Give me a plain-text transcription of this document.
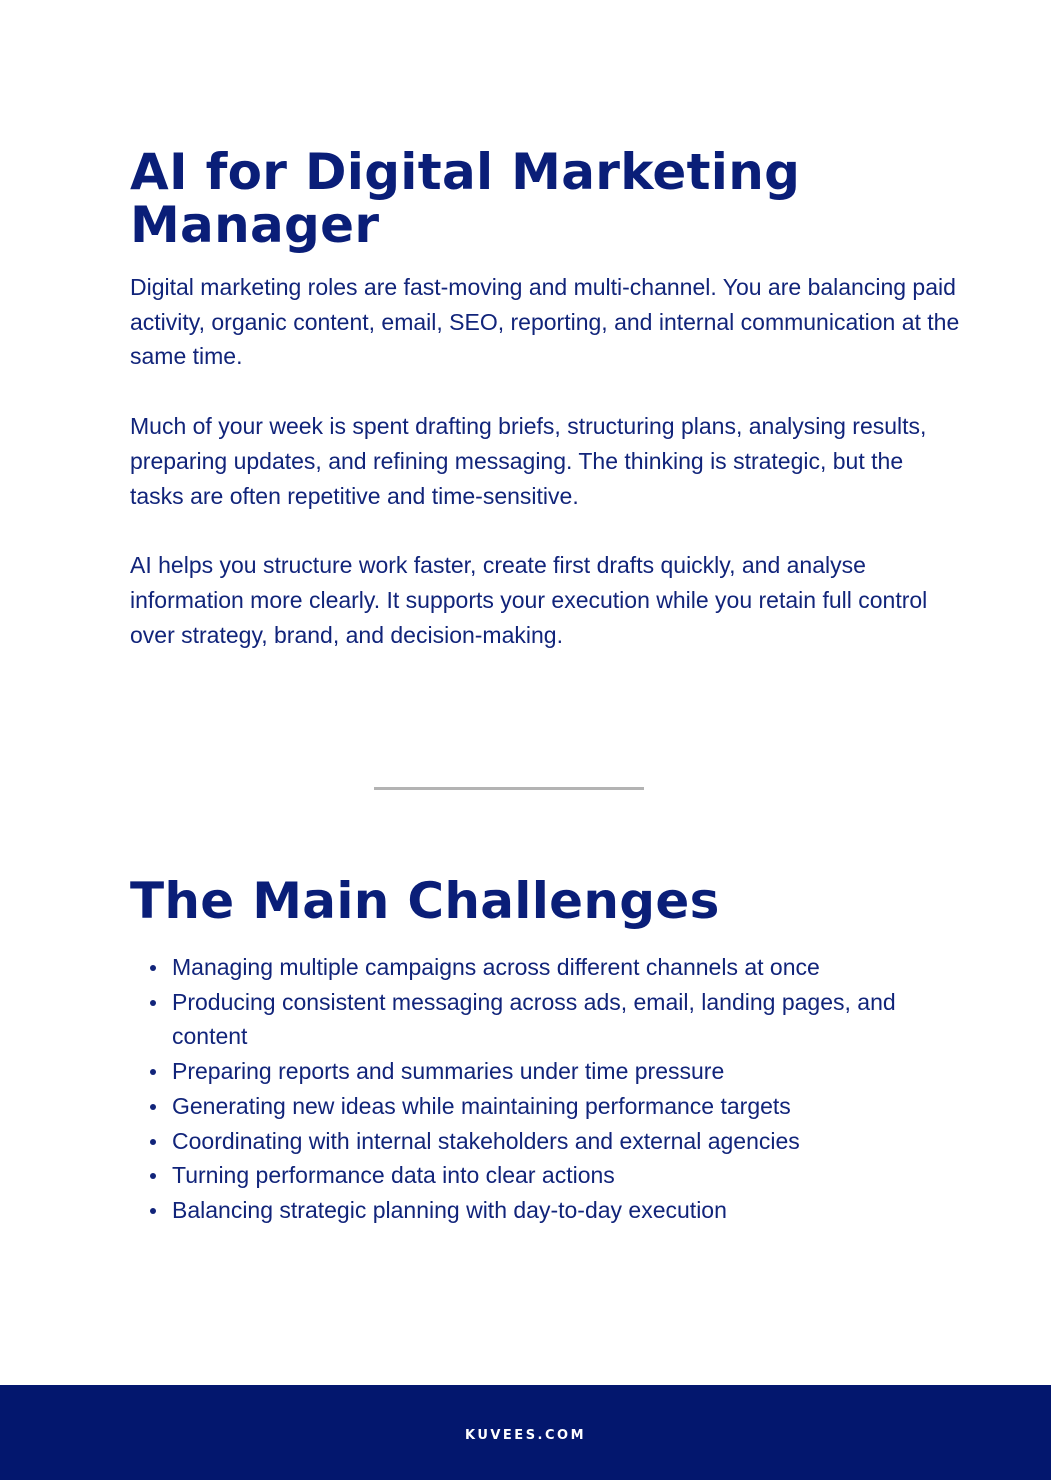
AI for Digital Marketing Manager

Digital marketing roles are fast-moving and multi-channel. You are balancing paid activity, organic content, email, SEO, reporting, and internal communication at the same time.

Much of your week is spent drafting briefs, structuring plans, analysing results, preparing updates, and refining messaging. The thinking is strategic, but the tasks are often repetitive and time-sensitive.

AI helps you structure work faster, create first drafts quickly, and analyse information more clearly. It supports your execution while you retain full control over strategy, brand, and decision-making.

The Main Challenges
Managing multiple campaigns across different channels at once
Producing consistent messaging across ads, email, landing pages, and content
Preparing reports and summaries under time pressure
Generating new ideas while maintaining performance targets
Coordinating with internal stakeholders and external agencies
Turning performance data into clear actions
Balancing strategic planning with day-to-day execution
KUVEES.COM
